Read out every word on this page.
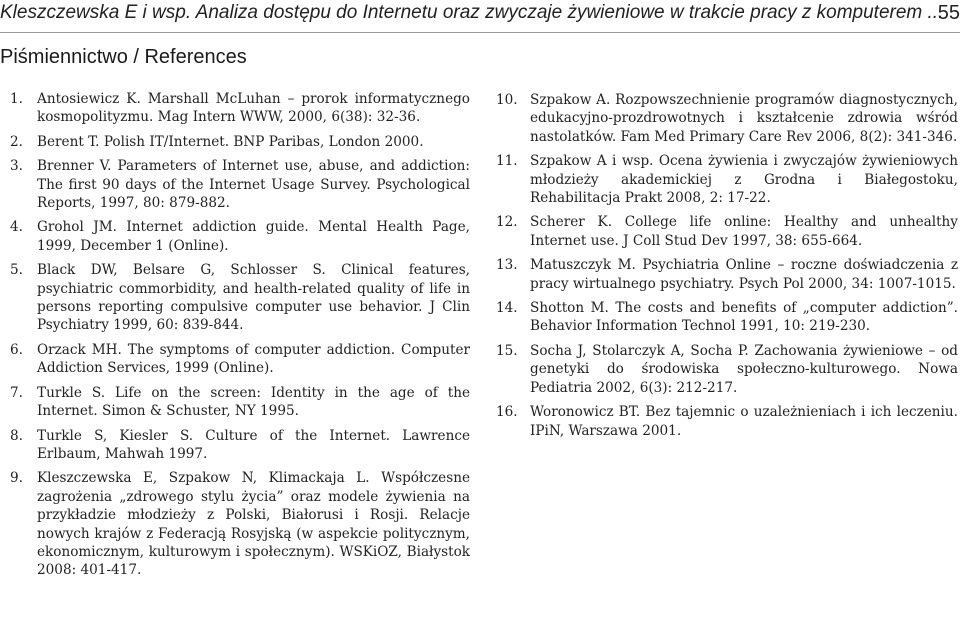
Kleszczewska E i wsp. Analiza dostępu do Internetu oraz zwyczaje żywieniowe w trakcie pracy z komputerem ...
55
Piśmiennictwo / References
1. Antosiewicz K. Marshall McLuhan – prorok informatycznego kosmopolityzmu. Mag Intern WWW, 2000, 6(38): 32-36.
2. Berent T. Polish IT/Internet. BNP Paribas, London 2000.
3. Brenner V. Parameters of Internet use, abuse, and addiction: The first 90 days of the Internet Usage Survey. Psychological Reports, 1997, 80: 879-882.
4. Grohol JM. Internet addiction guide. Mental Health Page, 1999, December 1 (Online).
5. Black DW, Belsare G, Schlosser S. Clinical features, psychiatric commorbidity, and health-related quality of life in persons reporting compulsive computer use behavior. J Clin Psychiatry 1999, 60: 839-844.
6. Orzack MH. The symptoms of computer addiction. Computer Addiction Services, 1999 (Online).
7. Turkle S. Life on the screen: Identity in the age of the Internet. Simon & Schuster, NY 1995.
8. Turkle S, Kiesler S. Culture of the Internet. Lawrence Erlbaum, Mahwah 1997.
9. Kleszczewska E, Szpakow N, Klimackaja L. Współczesne zagrożenia „zdrowego stylu życia” oraz modele żywienia na przykładzie młodzieży z Polski, Białorusi i Rosji. Relacje nowych krajów z Federacją Rosyjską (w aspekcie politycznym, ekonomicznym, kulturowym i społecznym). WSKiOZ, Białystok 2008: 401-417.
10. Szpakow A. Rozpowszechnienie programów diagnostycznych, edukacyjno-prozdrowotnych i kształcenie zdrowia wśród nastolatków. Fam Med Primary Care Rev 2006, 8(2): 341-346.
11. Szpakow A i wsp. Ocena żywienia i zwyczajów żywieniowych młodzieży akademickiej z Grodna i Białegostoku, Rehabilitacja Prakt 2008, 2: 17-22.
12. Scherer K. College life online: Healthy and unhealthy Internet use. J Coll Stud Dev 1997, 38: 655-664.
13. Matuszczyk M. Psychiatria Online – roczne doświadczenia z pracy wirtualnego psychiatry. Psych Pol 2000, 34: 1007-1015.
14. Shotton M. The costs and benefits of „computer addiction”. Behavior Information Technol 1991, 10: 219-230.
15. Socha J, Stolarczyk A, Socha P. Zachowania żywieniowe – od genetyki do środowiska społeczno-kulturowego. Nowa Pediatria 2002, 6(3): 212-217.
16. Woronowicz BT. Bez tajemnic o uzależnieniach i ich leczeniu. IPiN, Warszawa 2001.
